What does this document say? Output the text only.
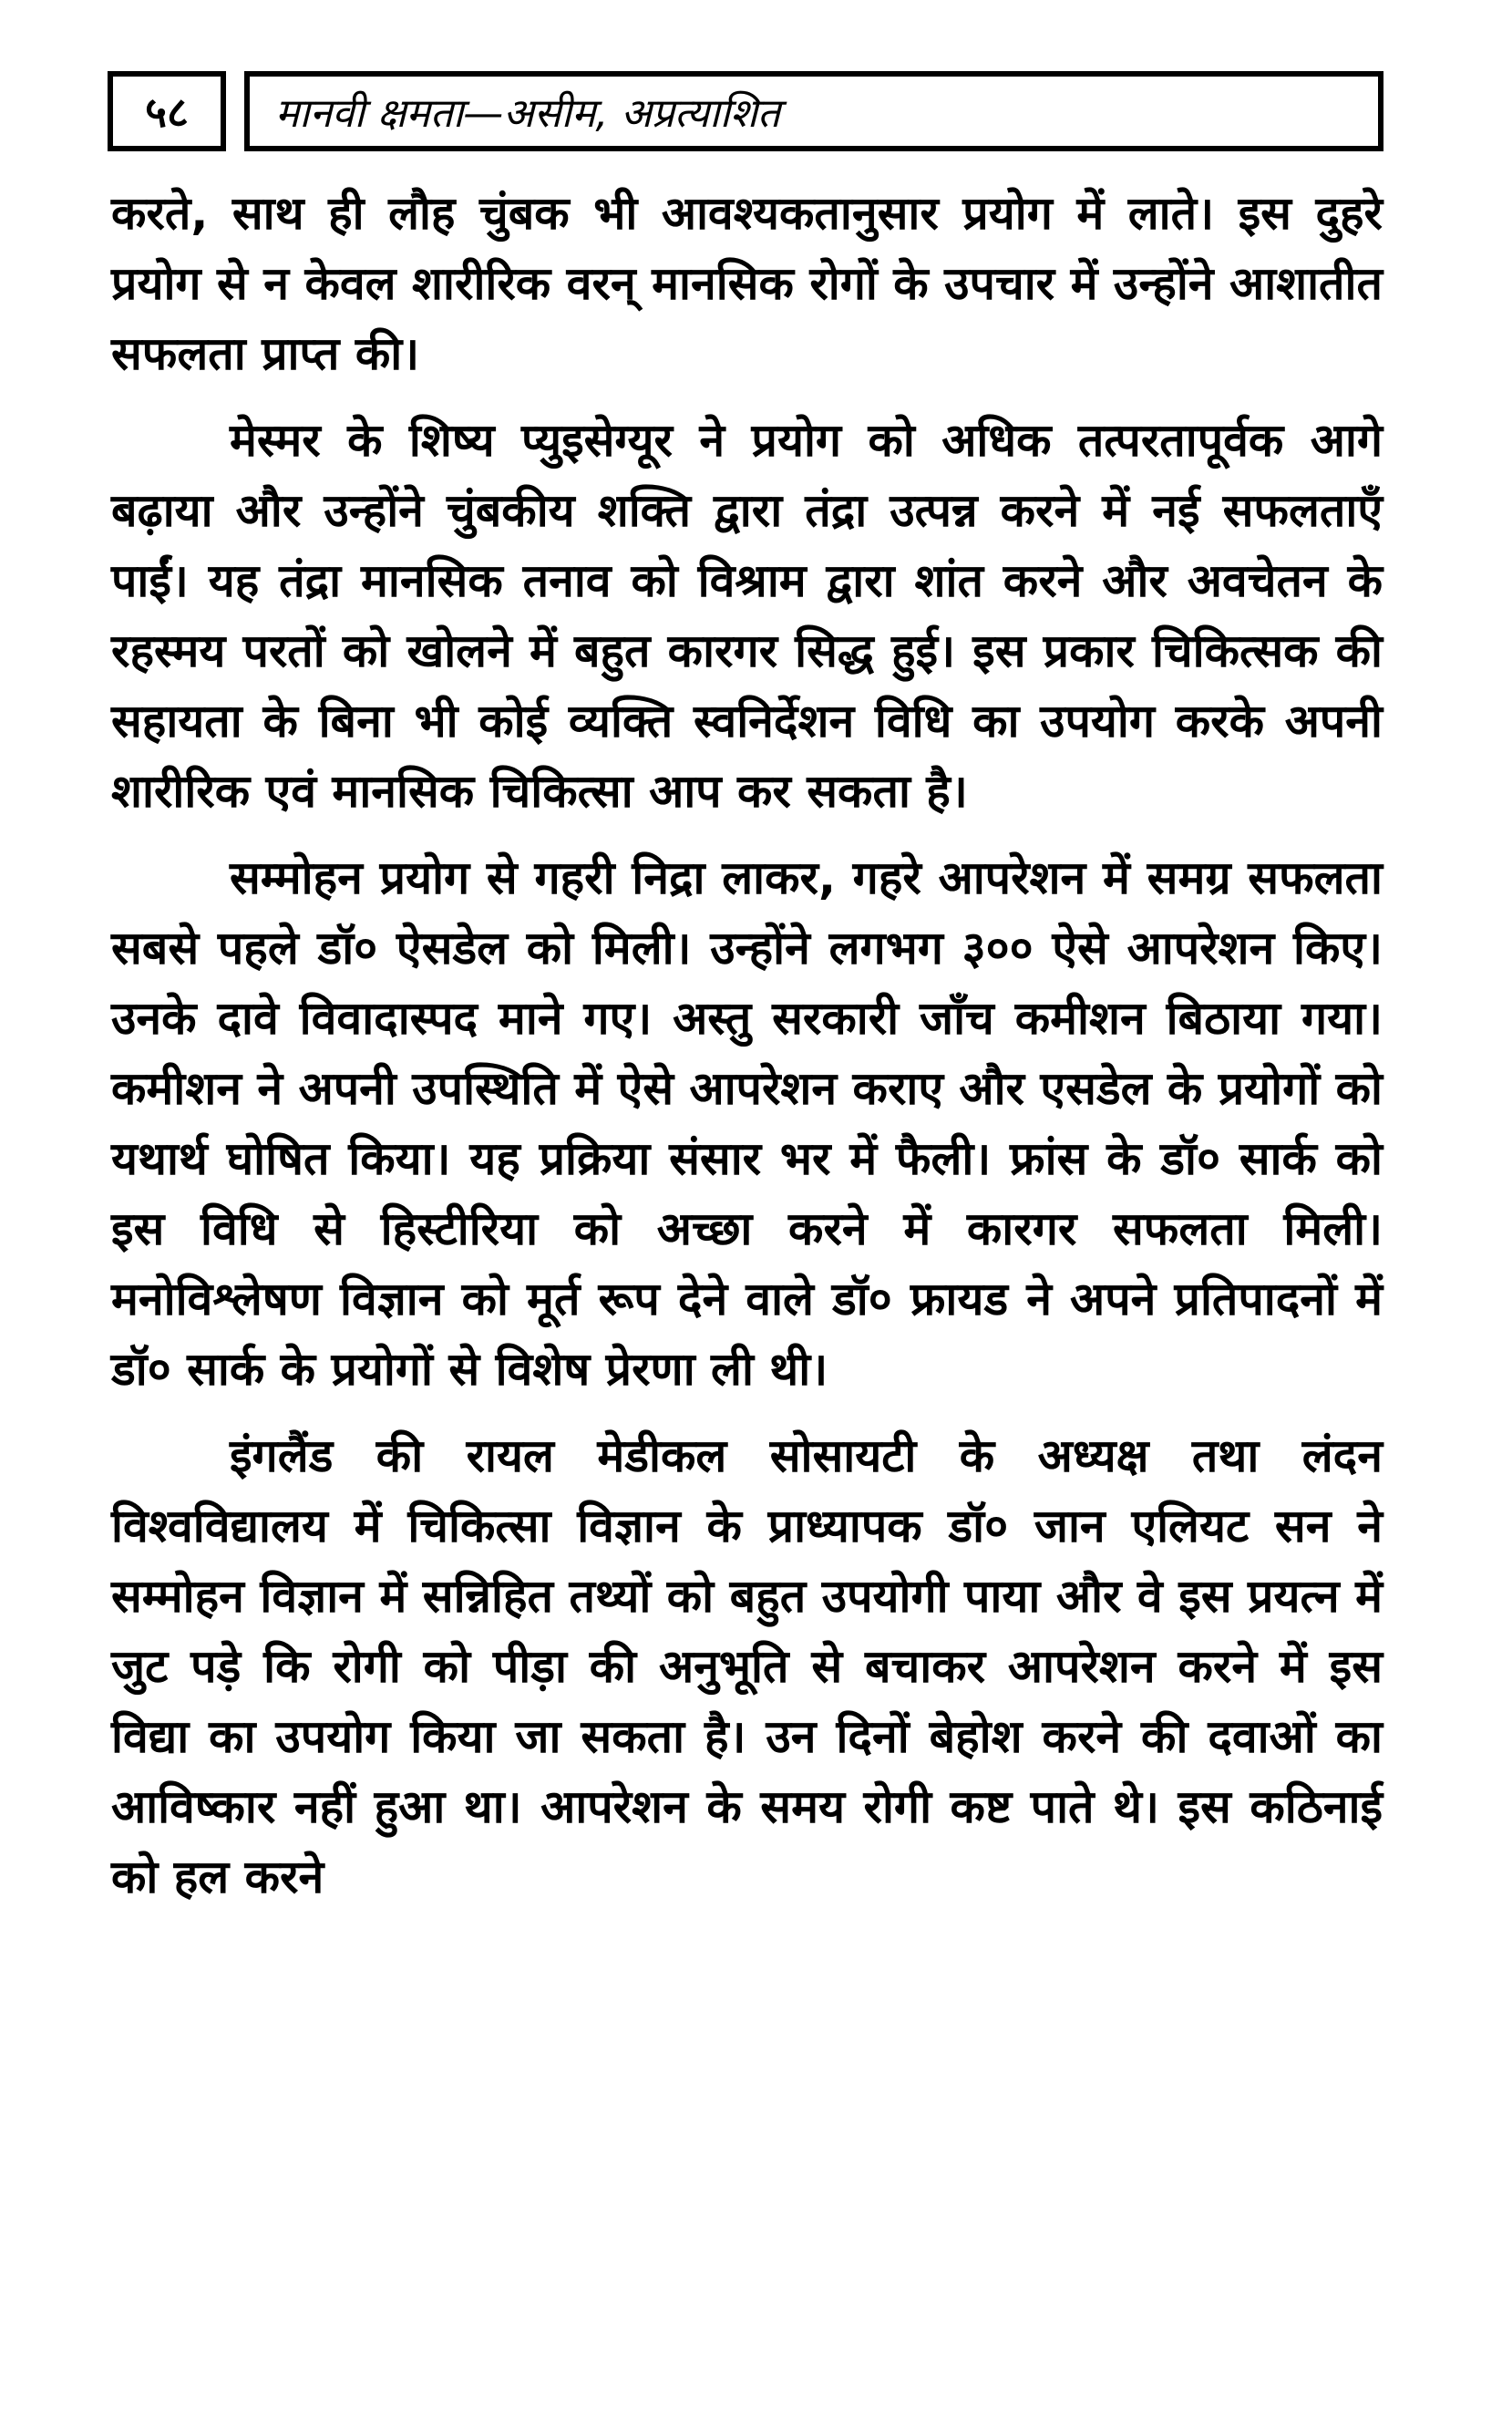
५८	मानवी क्षमता—असीम, अप्रत्याशित

करते, साथ ही लौह चुंबक भी आवश्यकतानुसार प्रयोग में लाते। इस दुहरे प्रयोग से न केवल शारीरिक वरन् मानसिक रोगों के उपचार में उन्होंने आशातीत सफलता प्राप्त की।

मेस्मर के शिष्य प्युइसेग्यूर ने प्रयोग को अधिक तत्परतापूर्वक आगे बढ़ाया और उन्होंने चुंबकीय शक्ति द्वारा तंद्रा उत्पन्न करने में नई सफलताएँ पाईं। यह तंद्रा मानसिक तनाव को विश्राम द्वारा शांत करने और अवचेतन के रहस्मय परतों को खोलने में बहुत कारगर सिद्ध हुई। इस प्रकार चिकित्सक की सहायता के बिना भी कोई व्यक्ति स्वनिर्देशन विधि का उपयोग करके अपनी शारीरिक एवं मानसिक चिकित्सा आप कर सकता है।

सम्मोहन प्रयोग से गहरी निद्रा लाकर, गहरे आपरेशन में समग्र सफलता सबसे पहले डॉ० ऐसडेल को मिली। उन्होंने लगभग ३०० ऐसे आपरेशन किए। उनके दावे विवादास्पद माने गए। अस्तु सरकारी जाँच कमीशन बिठाया गया। कमीशन ने अपनी उपस्थिति में ऐसे आपरेशन कराए और एसडेल के प्रयोगों को यथार्थ घोषित किया। यह प्रक्रिया संसार भर में फैली। फ्रांस के डॉ० सार्क को इस विधि से हिस्टीरिया को अच्छा करने में कारगर सफलता मिली। मनोविश्लेषण विज्ञान को मूर्त रूप देने वाले डॉ० फ्रायड ने अपने प्रतिपादनों में डॉ० सार्क के प्रयोगों से विशेष प्रेरणा ली थी।

इंगलैंड की रायल मेडीकल सोसायटी के अध्यक्ष तथा लंदन विश्वविद्यालय में चिकित्सा विज्ञान के प्राध्यापक डॉ० जान एलियट सन ने सम्मोहन विज्ञान में सन्निहित तथ्यों को बहुत उपयोगी पाया और वे इस प्रयत्न में जुट पड़े कि रोगी को पीड़ा की अनुभूति से बचाकर आपरेशन करने में इस विद्या का उपयोग किया जा सकता है। उन दिनों बेहोश करने की दवाओं का आविष्कार नहीं हुआ था। आपरेशन के समय रोगी कष्ट पाते थे। इस कठिनाई को हल करने
